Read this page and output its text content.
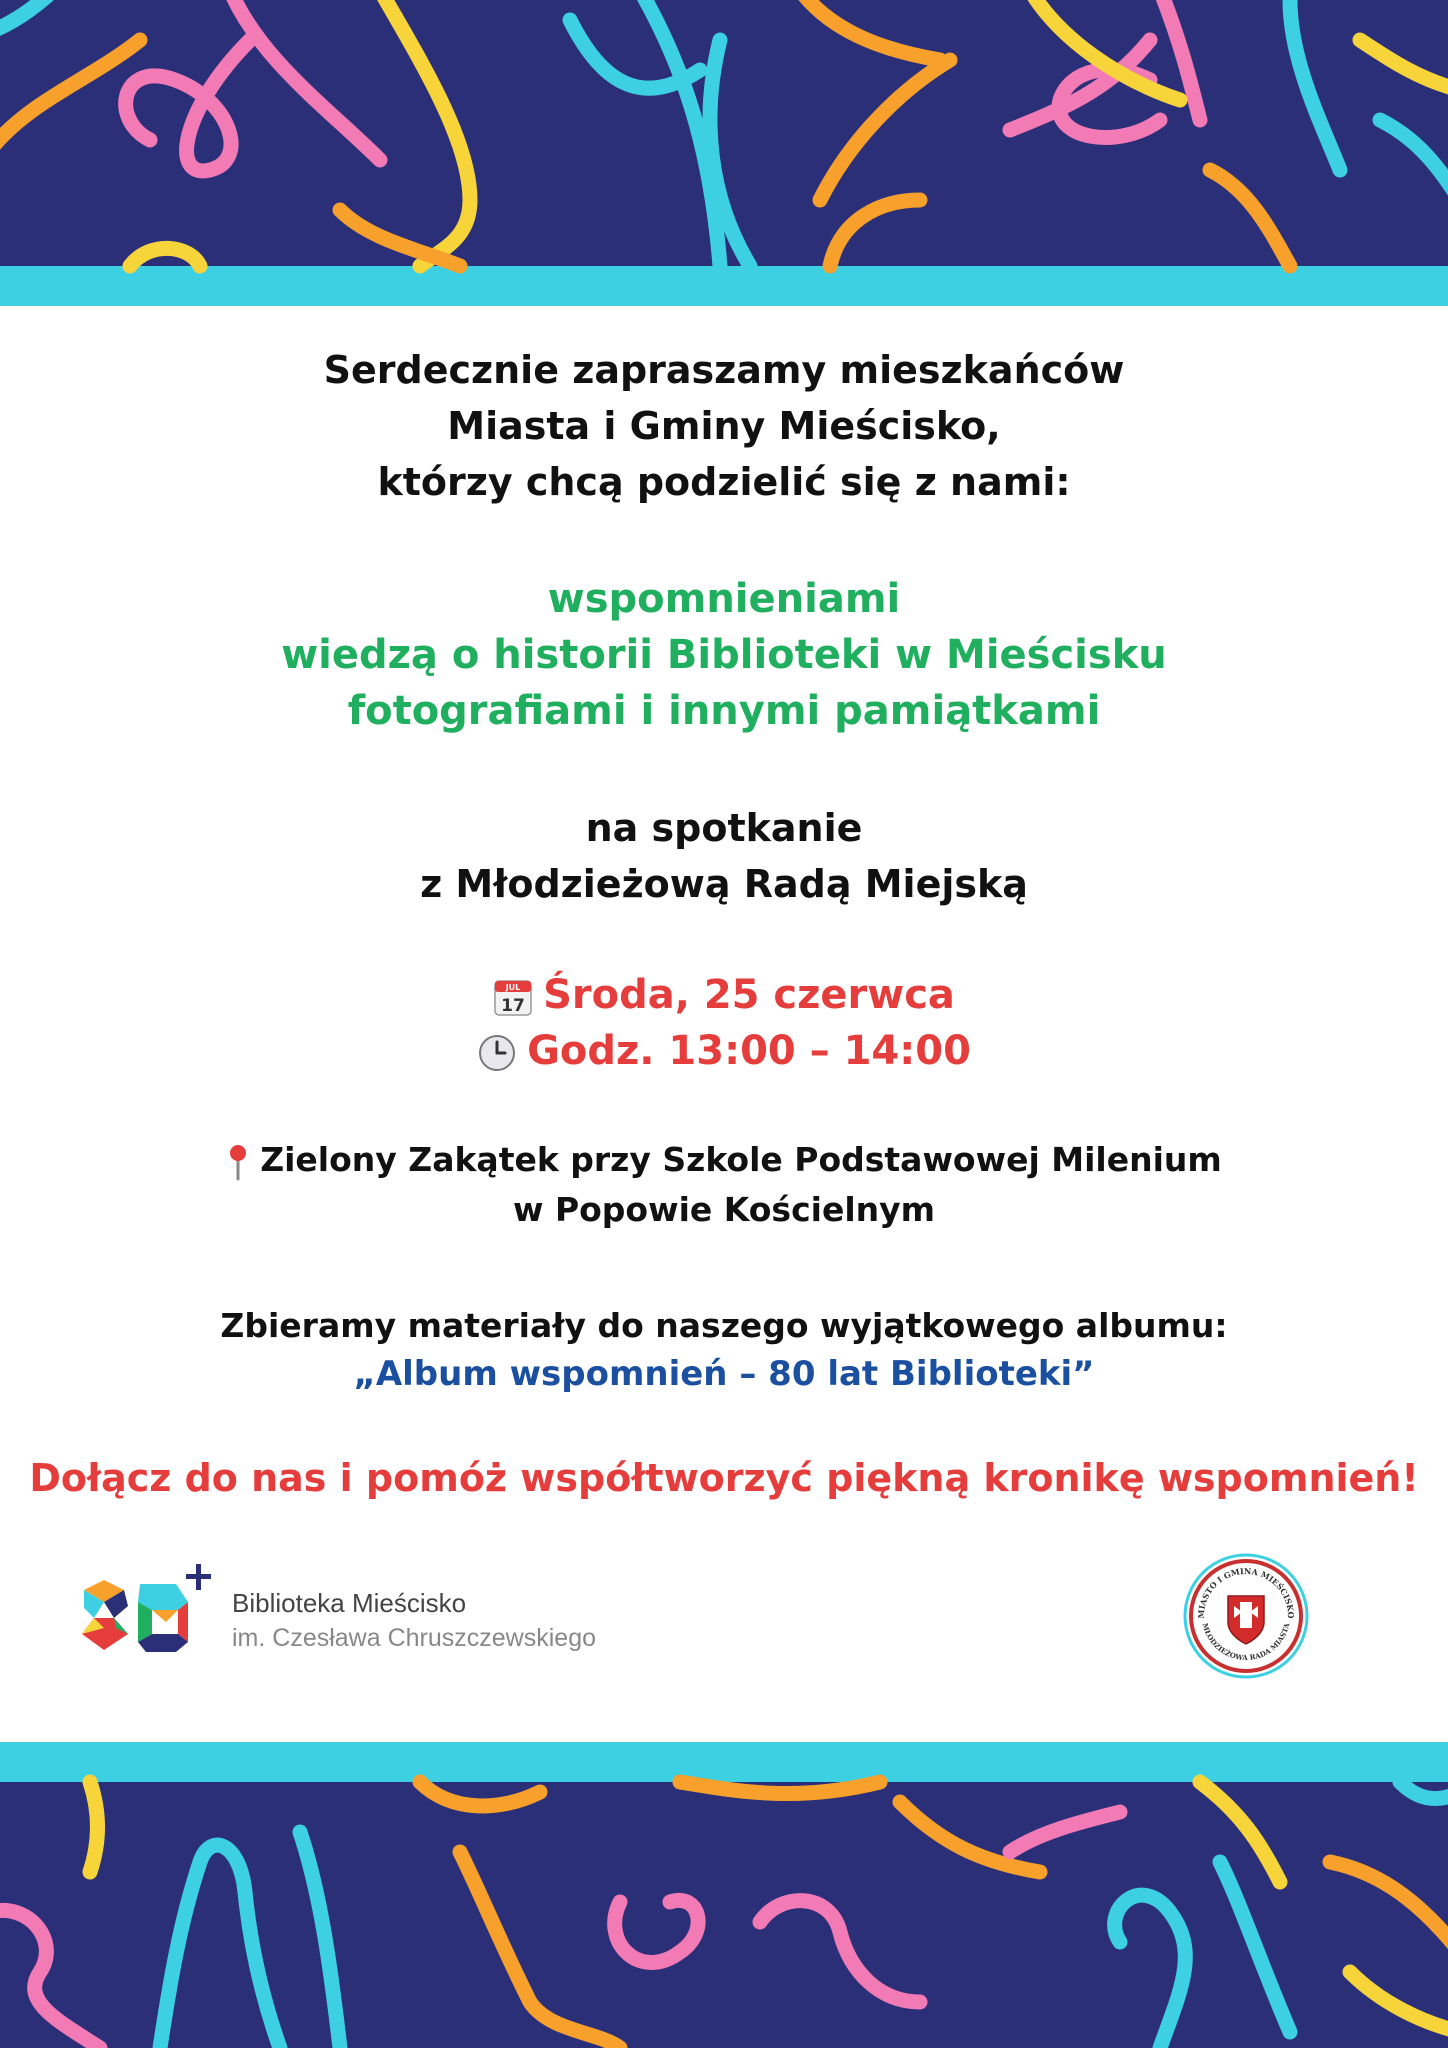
Serdecznie zapraszamy mieszkańców
Miasta i Gminy Mieścisko,
którzy chcą podzielić się z nami:
wspomnieniami
wiedzą o historii Biblioteki w Mieścisku
fotografiami i innymi pamiątkami
na spotkanie
z Młodzieżową Radą Miejską
JUL
17 Środa, 25 czerwca
Godz. 13:00 – 14:00
Zielony Zakątek przy Szkole Podstawowej Milenium
w Popowie Kościelnym
Zbieramy materiały do naszego wyjątkowego albumu:
„Album wspomnień – 80 lat Biblioteki”
Dołącz do nas i pomóż współtworzyć piękną kronikę wspomnień!
Biblioteka Mieścisko
im. Czesława Chruszczewskiego
MIASTO I GMINA MIEŚCISKO
MŁODZIEŻOWA RADA MIASTA
